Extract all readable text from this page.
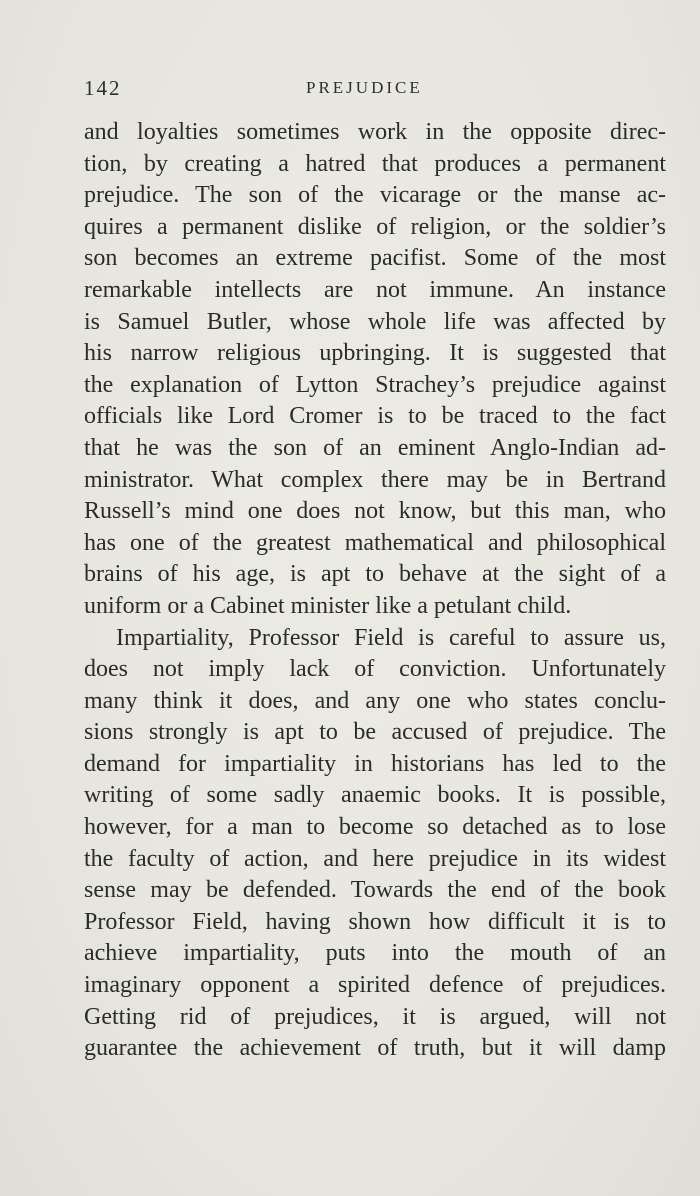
142	PREJUDICE
and loyalties sometimes work in the opposite direc-
tion, by creating a hatred that produces a permanent
prejudice. The son of the vicarage or the manse ac-
quires a permanent dislike of religion, or the soldier’s
son becomes an extreme pacifist. Some of the most
remarkable intellects are not immune. An instance
is Samuel Butler, whose whole life was affected by
his narrow religious upbringing. It is suggested that
the explanation of Lytton Strachey’s prejudice against
officials like Lord Cromer is to be traced to the fact
that he was the son of an eminent Anglo-Indian ad-
ministrator. What complex there may be in Bertrand
Russell’s mind one does not know, but this man, who
has one of the greatest mathematical and philosophical
brains of his age, is apt to behave at the sight of a
uniform or a Cabinet minister like a petulant child.
Impartiality, Professor Field is careful to assure us,
does not imply lack of conviction. Unfortunately
many think it does, and any one who states conclu-
sions strongly is apt to be accused of prejudice. The
demand for impartiality in historians has led to the
writing of some sadly anaemic books. It is possible,
however, for a man to become so detached as to lose
the faculty of action, and here prejudice in its widest
sense may be defended. Towards the end of the book
Professor Field, having shown how difficult it is to
achieve impartiality, puts into the mouth of an
imaginary opponent a spirited defence of prejudices.
Getting rid of prejudices, it is argued, will not
guarantee the achievement of truth, but it will damp
